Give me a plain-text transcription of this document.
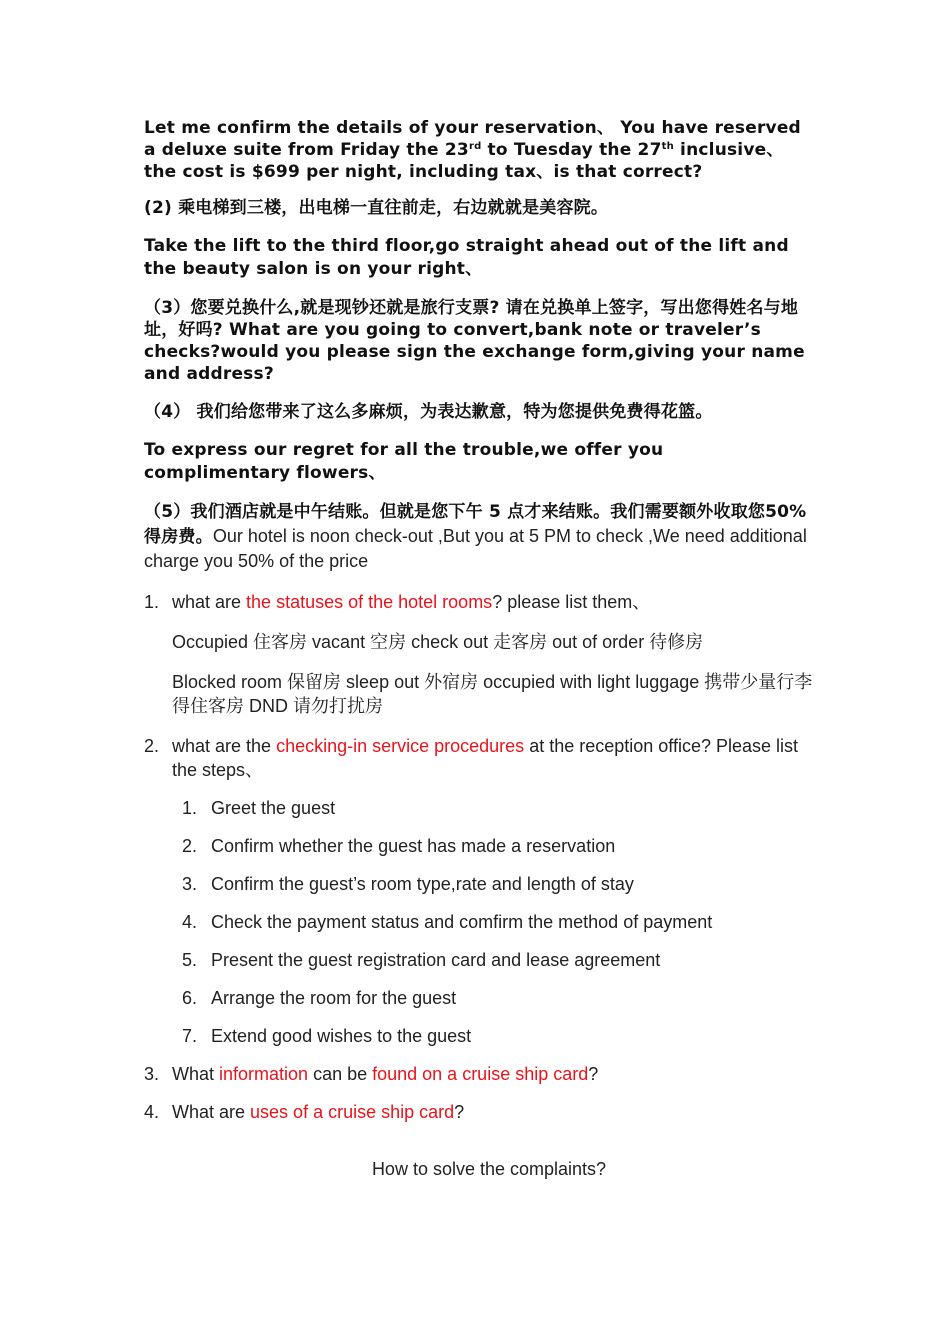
Let me confirm the details of your reservation、 You have reserved a deluxe suite from Friday the 23rd to Tuesday the 27th inclusive、the cost is $699 per night, including tax、is that correct?

(2) 乘电梯到三楼，出电梯一直往前走，右边就就是美容院。

Take the lift to the third floor,go straight ahead out of the lift and the beauty salon is on your right、

（3）您要兑换什么,就是现钞还就是旅行支票? 请在兑换单上签字，写出您得姓名与地址，好吗? What are you going to convert,bank note or traveler’s checks?would you please sign the exchange form,giving your name and address?

（4） 我们给您带来了这么多麻烦，为表达歉意，特为您提供免费得花篮。

To express our regret for all the trouble,we offer you complimentary flowers、

（5）我们酒店就是中午结账。但就是您下午 5 点才来结账。我们需要额外收取您50%得房费。Our hotel is noon check-out ,But you at 5 PM to check ,We need additional charge you 50% of the price

1. what are the statuses of the hotel rooms? please list them、

Occupied 住客房 vacant 空房 check out 走客房 out of order 待修房

Blocked room 保留房 sleep out 外宿房 occupied with light luggage 携带少量行李得住客房 DND 请勿打扰房

2. what are the checking-in service procedures at the reception office? Please list the steps、
1. Greet the guest
2. Confirm whether the guest has made a reservation
3. Confirm the guest’s room type,rate and length of stay
4. Check the payment status and comfirm the method of payment
5. Present the guest registration card and lease agreement
6. Arrange the room for the guest
7. Extend good wishes to the guest
3. What information can be found on a cruise ship card?
4. What are uses of a cruise ship card?

How to solve the complaints?
